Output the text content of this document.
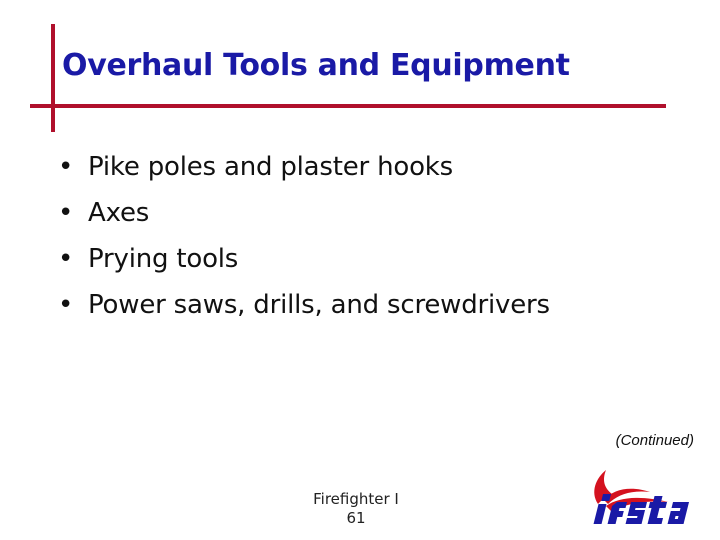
Overhaul Tools and Equipment
• Pike poles and plaster hooks
• Axes
• Prying tools
• Power saws, drills, and screwdrivers
(Continued)
Firefighter I
61
ifsta
